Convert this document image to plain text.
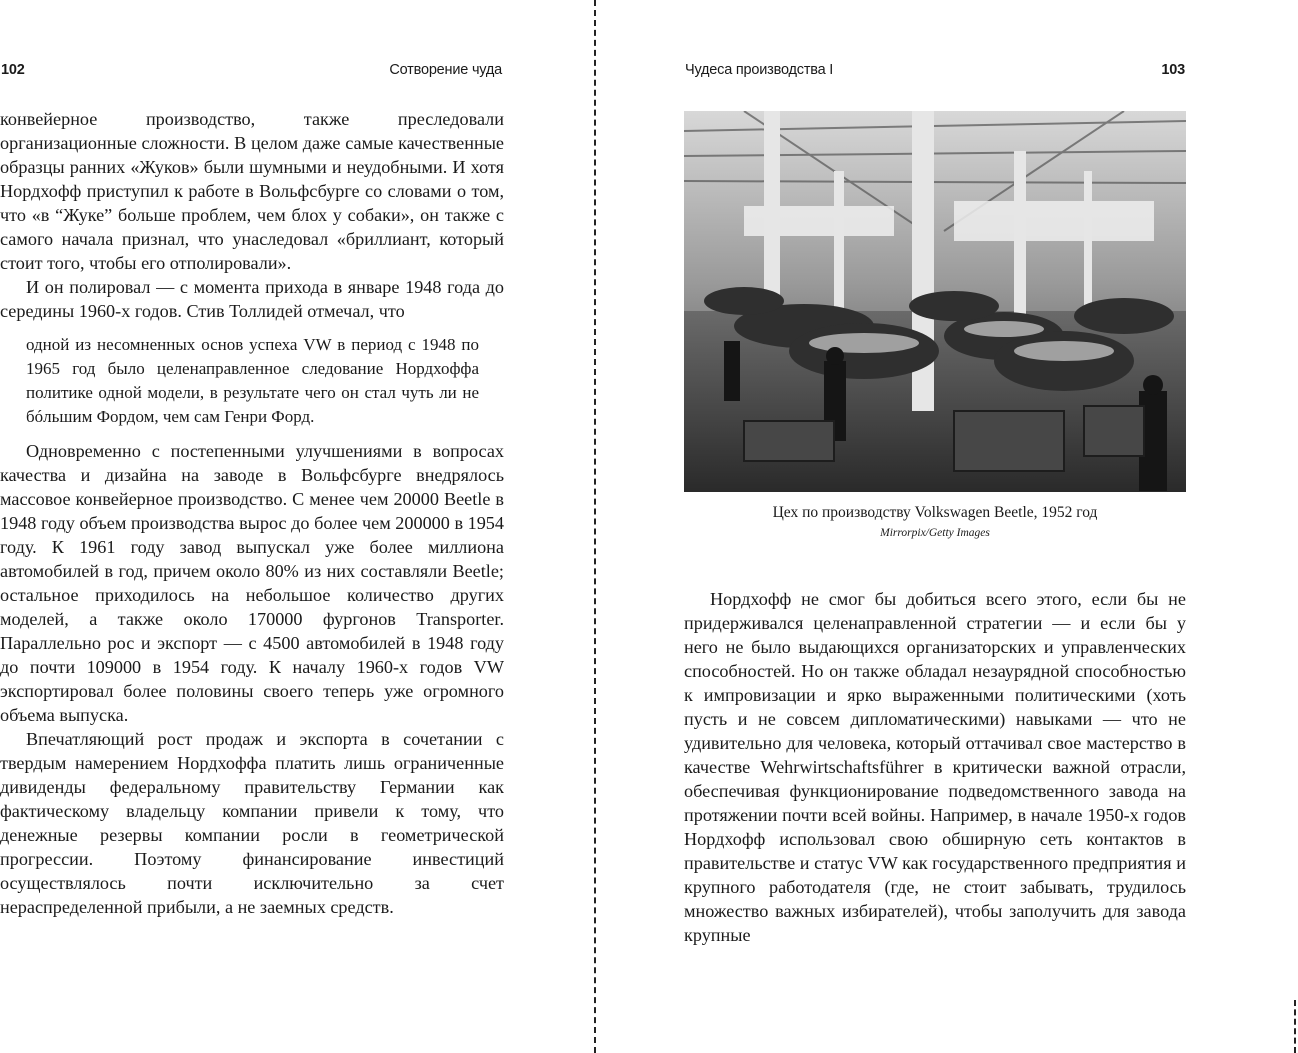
102	Сотворение чуда

конвейерное производство, также преследовали организационные сложности. В целом даже самые качественные образцы ранних «Жуков» были шумными и неудобными. И хотя Нордхофф приступил к работе в Вольфсбурге со словами о том, что «в “Жуке” больше проблем, чем блох у собаки», он также с самого начала признал, что унаследовал «бриллиант, который стоит того, чтобы его отполировали».

И он полировал — с момента прихода в январе 1948 года до середины 1960-х годов. Стив Толлидей отмечал, что

одной из несомненных основ успеха VW в период с 1948 по 1965 год было целенаправленное следование Нордхоффа политике одной модели, в результате чего он стал чуть ли не бóльшим Фордом, чем сам Генри Форд.

Одновременно с постепенными улучшениями в вопросах качества и дизайна на заводе в Вольфсбурге внедрялось массовое конвейерное производство. С менее чем 20000 Beetle в 1948 году объем производства вырос до более чем 200000 в 1954 году. К 1961 году завод выпускал уже более миллиона автомобилей в год, причем около 80% из них составляли Beetle; остальное приходилось на небольшое количество других моделей, а также около 170000 фургонов Transporter. Параллельно рос и экспорт — с 4500 автомобилей в 1948 году до почти 109000 в 1954 году. К началу 1960-х годов VW экспортировал более половины своего теперь уже огромного объема выпуска.

Впечатляющий рост продаж и экспорта в сочетании с твердым намерением Нордхоффа платить лишь ограниченные дивиденды федеральному правительству Германии как фактическому владельцу компании привели к тому, что денежные резервы компании росли в геометрической прогрессии. Поэтому финансирование инвестиций осуществлялось почти исключительно за счет нераспределенной прибыли, а не заемных средств.

Чудеса производства I	103
Цех по производству Volkswagen Beetle, 1952 год
Mirrorpix/Getty Images

Нордхофф не смог бы добиться всего этого, если бы не придерживался целенаправленной стратегии — и если бы у него не было выдающихся организаторских и управленческих способностей. Но он также обладал незаурядной способностью к импровизации и ярко выраженными политическими (хоть пусть и не совсем дипломатическими) навыками — что не удивительно для человека, который оттачивал свое мастерство в качестве Wehrwirtschaftsführer в критически важной отрасли, обеспечивая функционирование подведомственного завода на протяжении почти всей войны. Например, в начале 1950-х годов Нордхофф использовал свою обширную сеть контактов в правительстве и статус VW как государственного предприятия и крупного работодателя (где, не стоит забывать, трудилось множество важных избирателей), чтобы заполучить для завода крупные
